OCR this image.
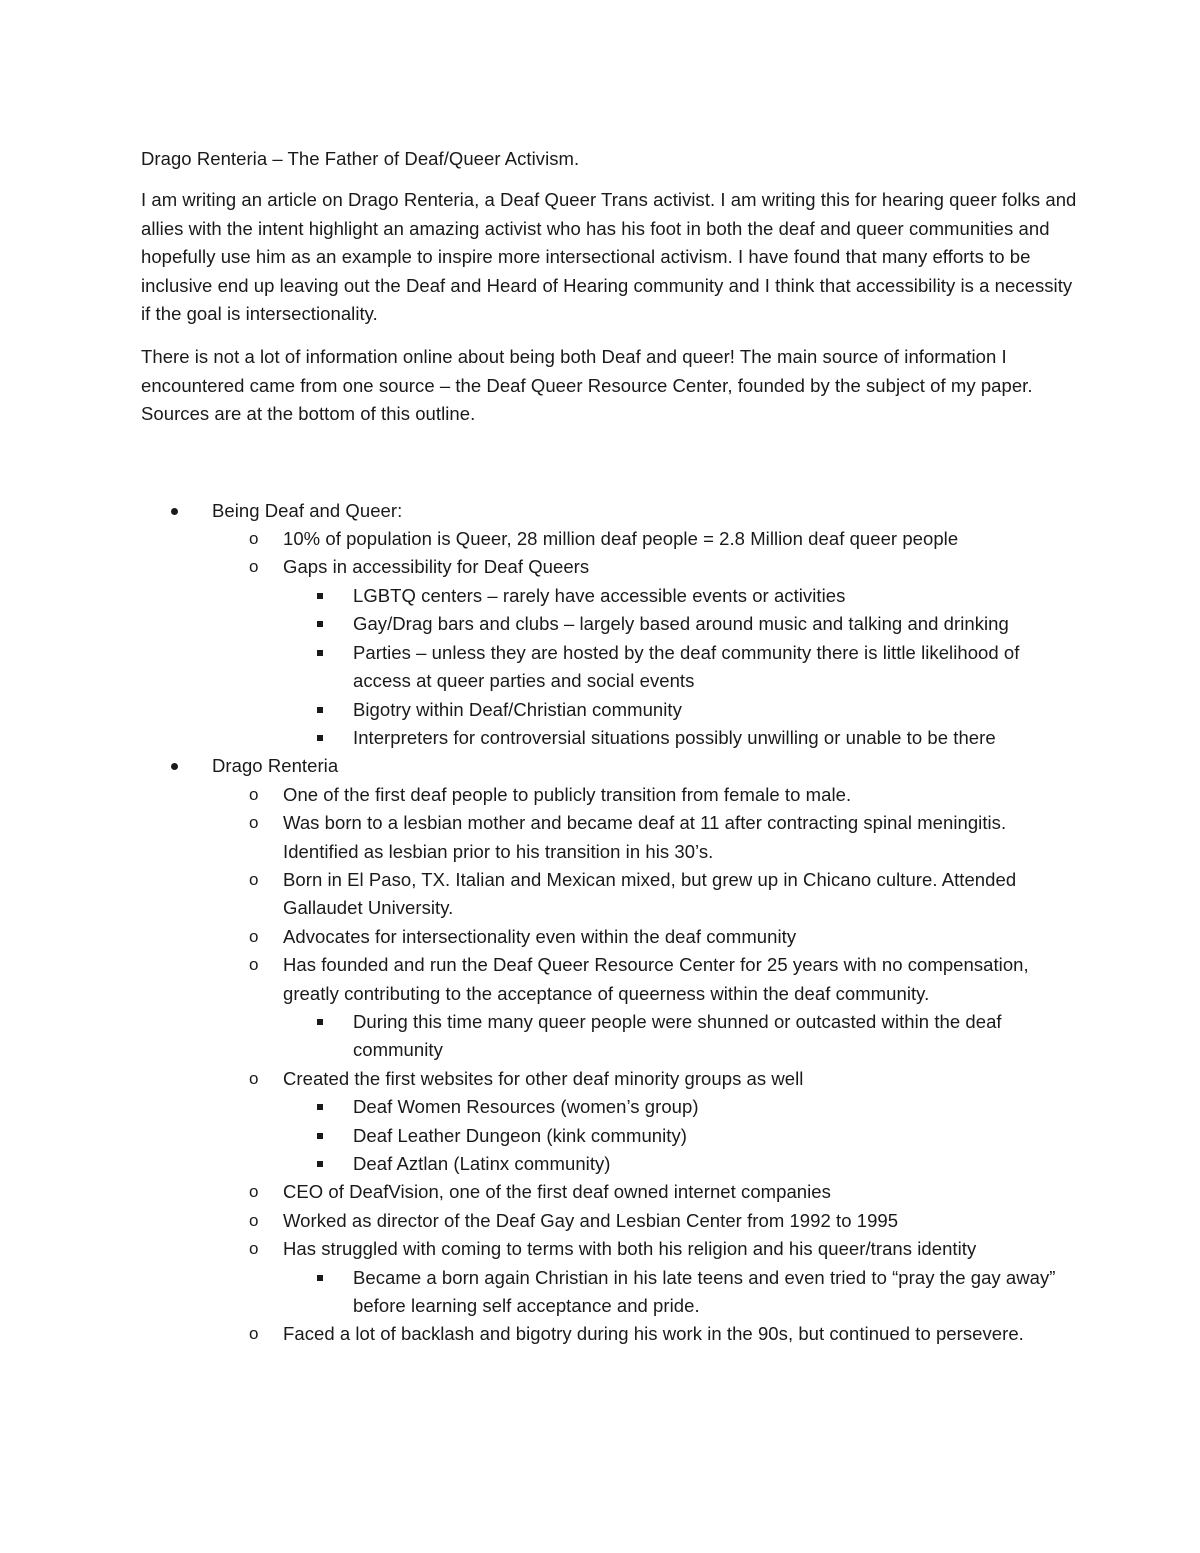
Drago Renteria – The Father of Deaf/Queer Activism.

I am writing an article on Drago Renteria, a Deaf Queer Trans activist. I am writing this for hearing queer folks and allies with the intent highlight an amazing activist who has his foot in both the deaf and queer communities and hopefully use him as an example to inspire more intersectional activism. I have found that many efforts to be inclusive end up leaving out the Deaf and Heard of Hearing community and I think that accessibility is a necessity if the goal is intersectionality.

There is not a lot of information online about being both Deaf and queer! The main source of information I encountered came from one source – the Deaf Queer Resource Center, founded by the subject of my paper. Sources are at the bottom of this outline.

Being Deaf and Queer:
o	10% of population is Queer, 28 million deaf people = 2.8 Million deaf queer people
o	Gaps in accessibility for Deaf Queers
LGBTQ centers – rarely have accessible events or activities
Gay/Drag bars and clubs – largely based around music and talking and drinking
Parties – unless they are hosted by the deaf community there is little likelihood of access at queer parties and social events
Bigotry within Deaf/Christian community
Interpreters for controversial situations possibly unwilling or unable to be there
Drago Renteria
o	One of the first deaf people to publicly transition from female to male.
o	Was born to a lesbian mother and became deaf at 11 after contracting spinal meningitis. Identified as lesbian prior to his transition in his 30’s.
o	Born in El Paso, TX. Italian and Mexican mixed, but grew up in Chicano culture. Attended Gallaudet University.
o	Advocates for intersectionality even within the deaf community
o	Has founded and run the Deaf Queer Resource Center for 25 years with no compensation, greatly contributing to the acceptance of queerness within the deaf community.
During this time many queer people were shunned or outcasted within the deaf community
o	Created the first websites for other deaf minority groups as well
Deaf Women Resources (women’s group)
Deaf Leather Dungeon (kink community)
Deaf Aztlan (Latinx community)
o	CEO of DeafVision, one of the first deaf owned internet companies
o	Worked as director of the Deaf Gay and Lesbian Center from 1992 to 1995
o	Has struggled with coming to terms with both his religion and his queer/trans identity
Became a born again Christian in his late teens and even tried to “pray the gay away” before learning self acceptance and pride.
o	Faced a lot of backlash and bigotry during his work in the 90s, but continued to persevere.
